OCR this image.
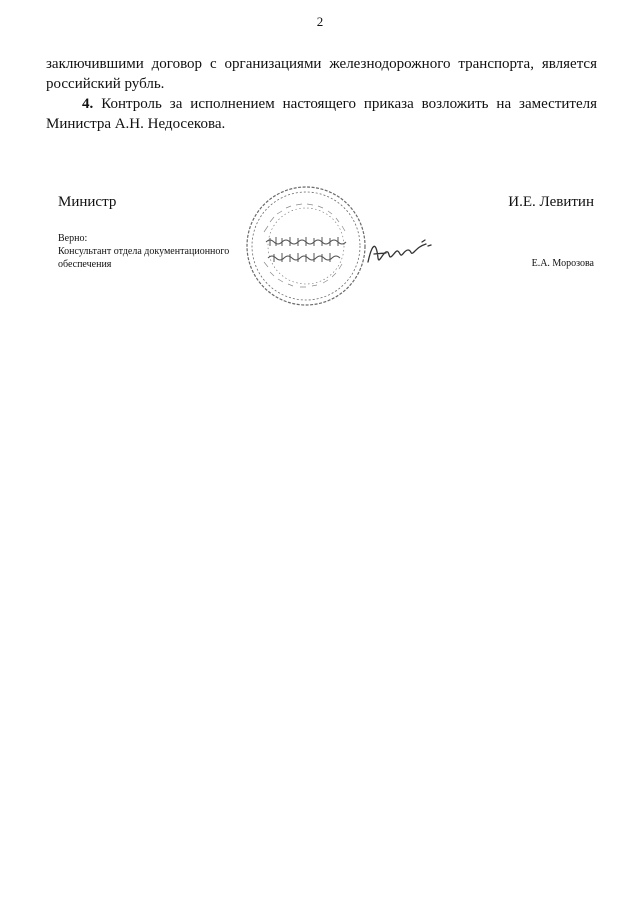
2
заключившими договор с организациями железнодорожного транспорта, является российский рубль.
4. Контроль за исполнением настоящего приказа возложить на заместителя Министра А.Н. Недосекова.
Министр	И.Е. Левитин
Верно:
Консультант отдела документационного
обеспечения	Е.А. Морозова
